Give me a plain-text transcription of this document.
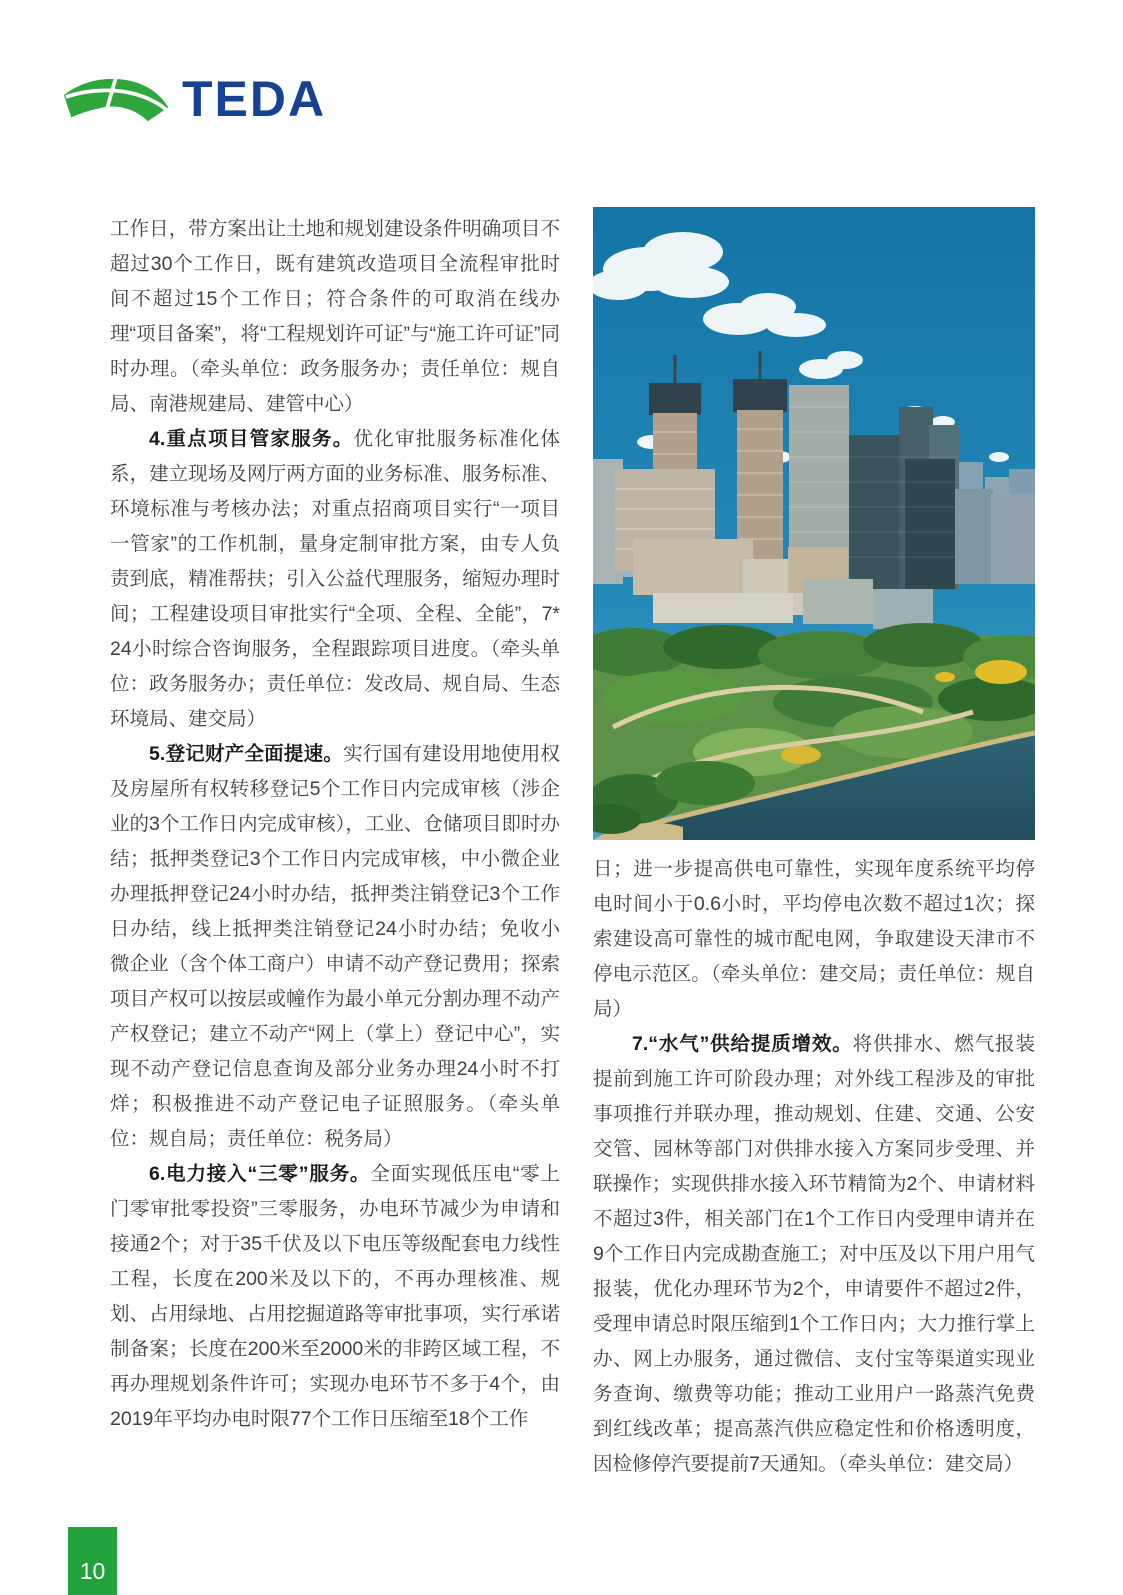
TEDA

工作日，带方案出让土地和规划建设条件明确项目不超过30个工作日，既有建筑改造项目全流程审批时间不超过15个工作日；符合条件的可取消在线办理“项目备案”，将“工程规划许可证”与“施工许可证”同时办理。（牵头单位：政务服务办；责任单位：规自局、南港规建局、建管中心）

4.重点项目管家服务。优化审批服务标准化体系，建立现场及网厅两方面的业务标准、服务标准、环境标准与考核办法；对重点招商项目实行“一项目一管家”的工作机制，量身定制审批方案，由专人负责到底，精准帮扶；引入公益代理服务，缩短办理时间；工程建设项目审批实行“全项、全程、全能”，7*24小时综合咨询服务，全程跟踪项目进度。（牵头单位：政务服务办；责任单位：发改局、规自局、生态环境局、建交局）

5.登记财产全面提速。实行国有建设用地使用权及房屋所有权转移登记5个工作日内完成审核（涉企业的3个工作日内完成审核），工业、仓储项目即时办结；抵押类登记3个工作日内完成审核，中小微企业办理抵押登记24小时办结，抵押类注销登记3个工作日办结，线上抵押类注销登记24小时办结；免收小微企业（含个体工商户）申请不动产登记费用；探索项目产权可以按层或幢作为最小单元分割办理不动产产权登记；建立不动产“网上（掌上）登记中心”，实现不动产登记信息查询及部分业务办理24小时不打烊；积极推进不动产登记电子证照服务。（牵头单位：规自局；责任单位：税务局）

6.电力接入“三零”服务。全面实现低压电“零上门零审批零投资”三零服务，办电环节减少为申请和接通2个；对于35千伏及以下电压等级配套电力线性工程，长度在200米及以下的，不再办理核准、规划、占用绿地、占用挖掘道路等审批事项，实行承诺制备案；长度在200米至2000米的非跨区域工程，不再办理规划条件许可；实现办电环节不多于4个，由2019年平均办电时限77个工作日压缩至18个工作

日；进一步提高供电可靠性，实现年度系统平均停电时间小于0.6小时，平均停电次数不超过1次；探索建设高可靠性的城市配电网，争取建设天津市不停电示范区。（牵头单位：建交局；责任单位：规自局）

7.“水气”供给提质增效。将供排水、燃气报装提前到施工许可阶段办理；对外线工程涉及的审批事项推行并联办理，推动规划、住建、交通、公安交管、园林等部门对供排水接入方案同步受理、并联操作；实现供排水接入环节精简为2个、申请材料不超过3件，相关部门在1个工作日内受理申请并在9个工作日内完成勘查施工；对中压及以下用户用气报装，优化办理环节为2个，申请要件不超过2件，受理申请总时限压缩到1个工作日内；大力推行掌上办、网上办服务，通过微信、支付宝等渠道实现业务查询、缴费等功能；推动工业用户一路蒸汽免费到红线改革；提高蒸汽供应稳定性和价格透明度，因检修停汽要提前7天通知。（牵头单位：建交局）

10
